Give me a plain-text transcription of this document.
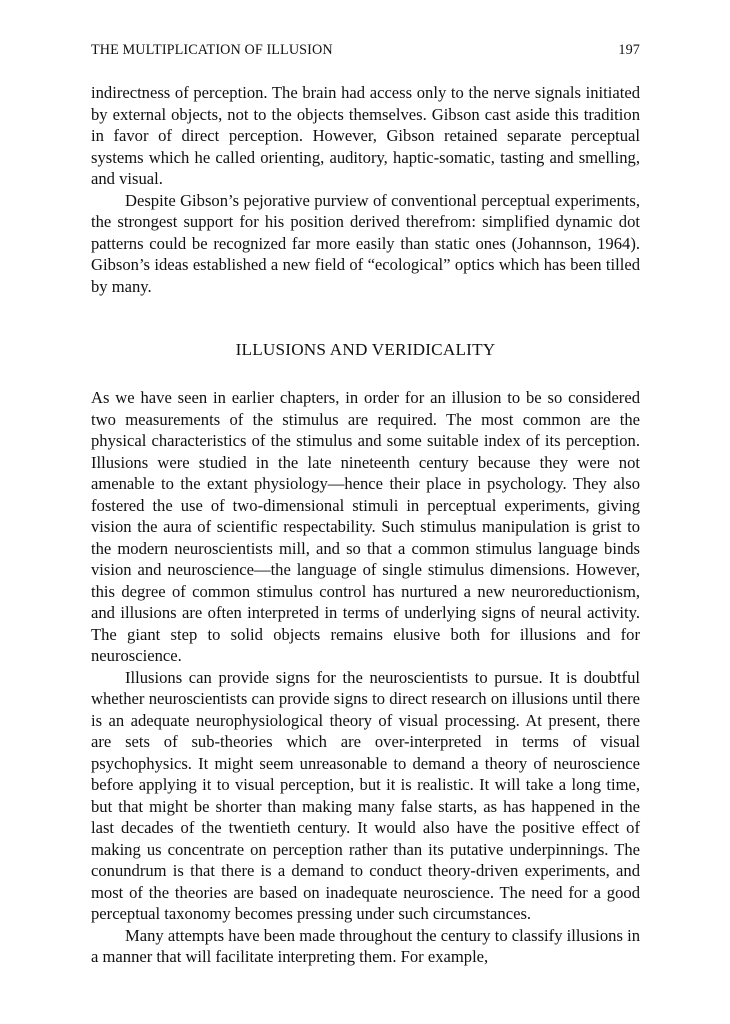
THE MULTIPLICATION OF ILLUSION	197

indirectness of perception. The brain had access only to the nerve signals initiated by external objects, not to the objects themselves. Gibson cast aside this tradition in favor of direct perception. However, Gibson retained separate perceptual systems which he called orienting, auditory, haptic-somatic, tasting and smelling, and visual.

Despite Gibson’s pejorative purview of conventional perceptual experiments, the strongest support for his position derived therefrom: simplified dynamic dot patterns could be recognized far more easily than static ones (Johannson, 1964). Gibson’s ideas established a new field of “ecological” optics which has been tilled by many.

ILLUSIONS AND VERIDICALITY

As we have seen in earlier chapters, in order for an illusion to be so considered two measurements of the stimulus are required. The most common are the physical characteristics of the stimulus and some suitable index of its perception. Illusions were studied in the late nineteenth century because they were not amenable to the extant physiology—hence their place in psychology. They also fostered the use of two-dimensional stimuli in perceptual experiments, giving vision the aura of scientific respectability. Such stimulus manipulation is grist to the modern neuroscientists mill, and so that a common stimulus language binds vision and neuroscience—the language of single stimulus dimensions. However, this degree of common stimulus control has nurtured a new neuroreductionism, and illusions are often interpreted in terms of underlying signs of neural activity. The giant step to solid objects remains elusive both for illusions and for neuroscience.

Illusions can provide signs for the neuroscientists to pursue. It is doubtful whether neuroscientists can provide signs to direct research on illusions until there is an adequate neurophysiological theory of visual processing. At present, there are sets of sub-theories which are over-interpreted in terms of visual psychophysics. It might seem unreasonable to demand a theory of neuroscience before applying it to visual perception, but it is realistic. It will take a long time, but that might be shorter than making many false starts, as has happened in the last decades of the twentieth century. It would also have the positive effect of making us concentrate on perception rather than its putative underpinnings. The conundrum is that there is a demand to conduct theory-driven experiments, and most of the theories are based on inadequate neuroscience. The need for a good perceptual taxonomy becomes pressing under such circumstances.

Many attempts have been made throughout the century to classify illusions in a manner that will facilitate interpreting them. For example,
